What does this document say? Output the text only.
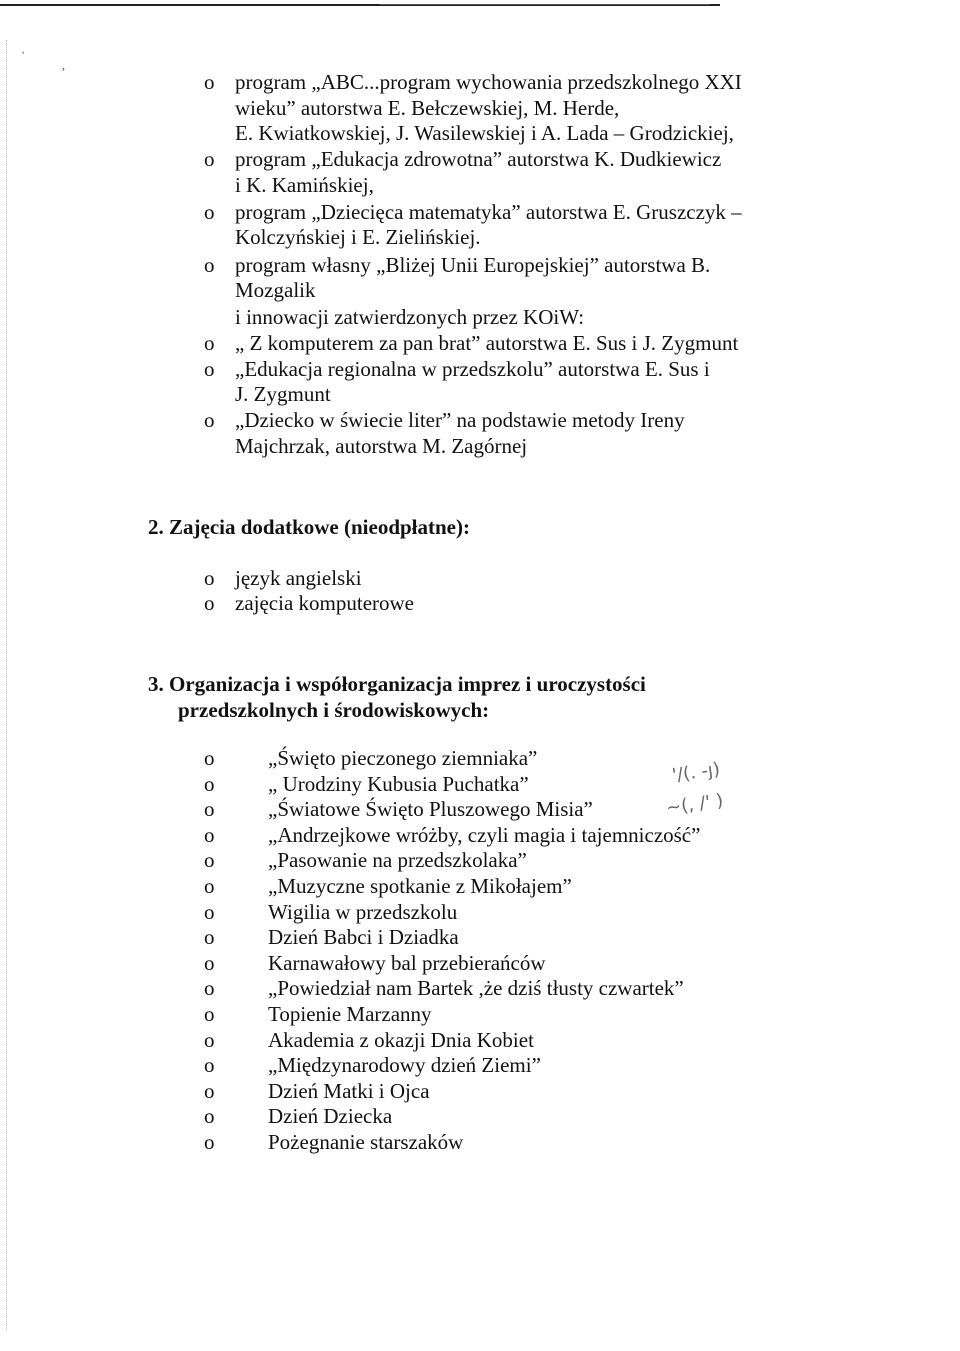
'
,
o program „ABC...program wychowania przedszkolnego XXI
wieku” autorstwa E. Bełczewskiej, M. Herde,
E. Kwiatkowskiej, J. Wasilewskiej i A. Lada – Grodzickiej,
o program „Edukacja zdrowotna” autorstwa K. Dudkiewicz
i K. Kamińskiej,
o program „Dziecięca matematyka” autorstwa E. Gruszczyk –
Kolczyńskiej i E. Zielińskiej.
o program własny „Bliżej Unii Europejskiej” autorstwa B.
Mozgalik
i innowacji zatwierdzonych przez KOiW:
o „ Z komputerem za pan brat” autorstwa E. Sus i J. Zygmunt
o „Edukacja regionalna w przedszkolu” autorstwa E. Sus i
J. Zygmunt
o „Dziecko w świecie liter” na podstawie metody Ireny
Majchrzak, autorstwa M. Zagórnej
2. Zajęcia dodatkowe (nieodpłatne):
o język angielski
o zajęcia komputerowe
3. Organizacja i współorganizacja imprez i uroczystości
przedszkolnych i środowiskowych:
o	„Święto pieczonego ziemniaka”
o	„ Urodziny Kubusia Puchatka”
o	„Światowe Święto Pluszowego Misia”
o	„Andrzejkowe wróżby, czyli magia i tajemniczość”
o	„Pasowanie na przedszkolaka”
o	„Muzyczne spotkanie z Mikołajem”
o	Wigilia w przedszkolu
o	Dzień Babci i Dziadka
o	Karnawałowy bal przebierańców
o	„Powiedział nam Bartek ,że dziś tłusty czwartek”
o	Topienie Marzanny
o	Akademia z okazji Dnia Kobiet
o	„Międzynarodowy dzień Ziemi”
o	Dzień Matki i Ojca
o	Dzień Dziecka
o	Pożegnanie starszaków
'/(. -ȷ)
~(, /' )
